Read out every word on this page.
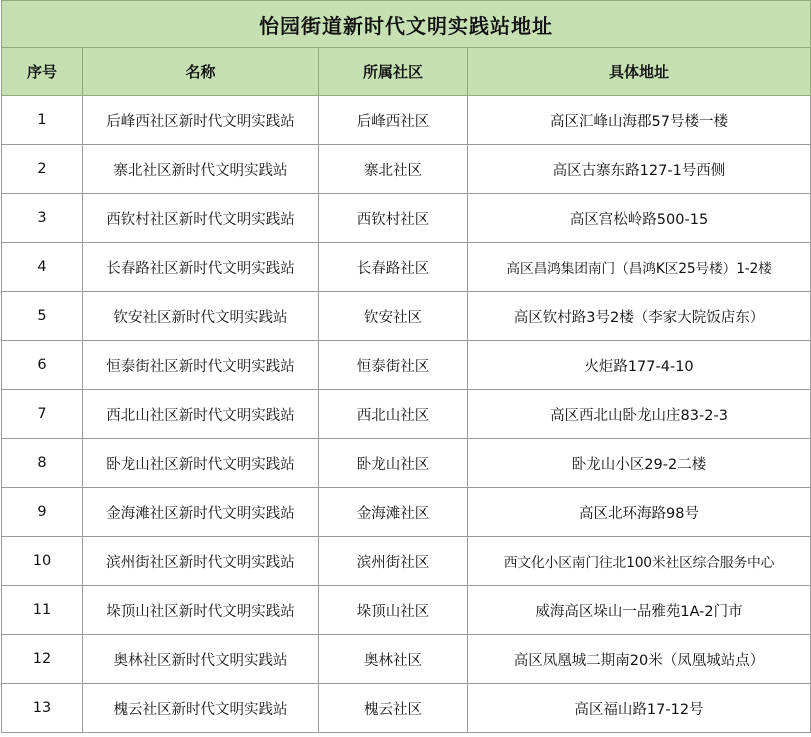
怡园街道新时代文明实践站地址			
序号	名称	所属社区	具体地址
1	后峰西社区新时代文明实践站	后峰西社区	高区汇峰山海郡57号楼一楼
2	寨北社区新时代文明实践站	寨北社区	高区古寨东路127-1号西侧
3	西钦村社区新时代文明实践站	西钦村社区	高区宫松岭路500-15
4	长春路社区新时代文明实践站	长春路社区	高区昌鸿集团南门（昌鸿K区25号楼）1-2楼
5	钦安社区新时代文明实践站	钦安社区	高区钦村路3号2楼（李家大院饭店东）
6	恒泰街社区新时代文明实践站	恒泰街社区	火炬路177-4-10
7	西北山社区新时代文明实践站	西北山社区	高区西北山卧龙山庄83-2-3
8	卧龙山社区新时代文明实践站	卧龙山社区	卧龙山小区29-2二楼
9	金海滩社区新时代文明实践站	金海滩社区	高区北环海路98号
10	滨州街社区新时代文明实践站	滨州街社区	西文化小区南门往北100米社区综合服务中心
11	垛顶山社区新时代文明实践站	垛顶山社区	威海高区垛山一品雅苑1A-2门市
12	奥林社区新时代文明实践站	奥林社区	高区凤凰城二期南20米（凤凰城站点）
13	槐云社区新时代文明实践站	槐云社区	高区福山路17-12号
